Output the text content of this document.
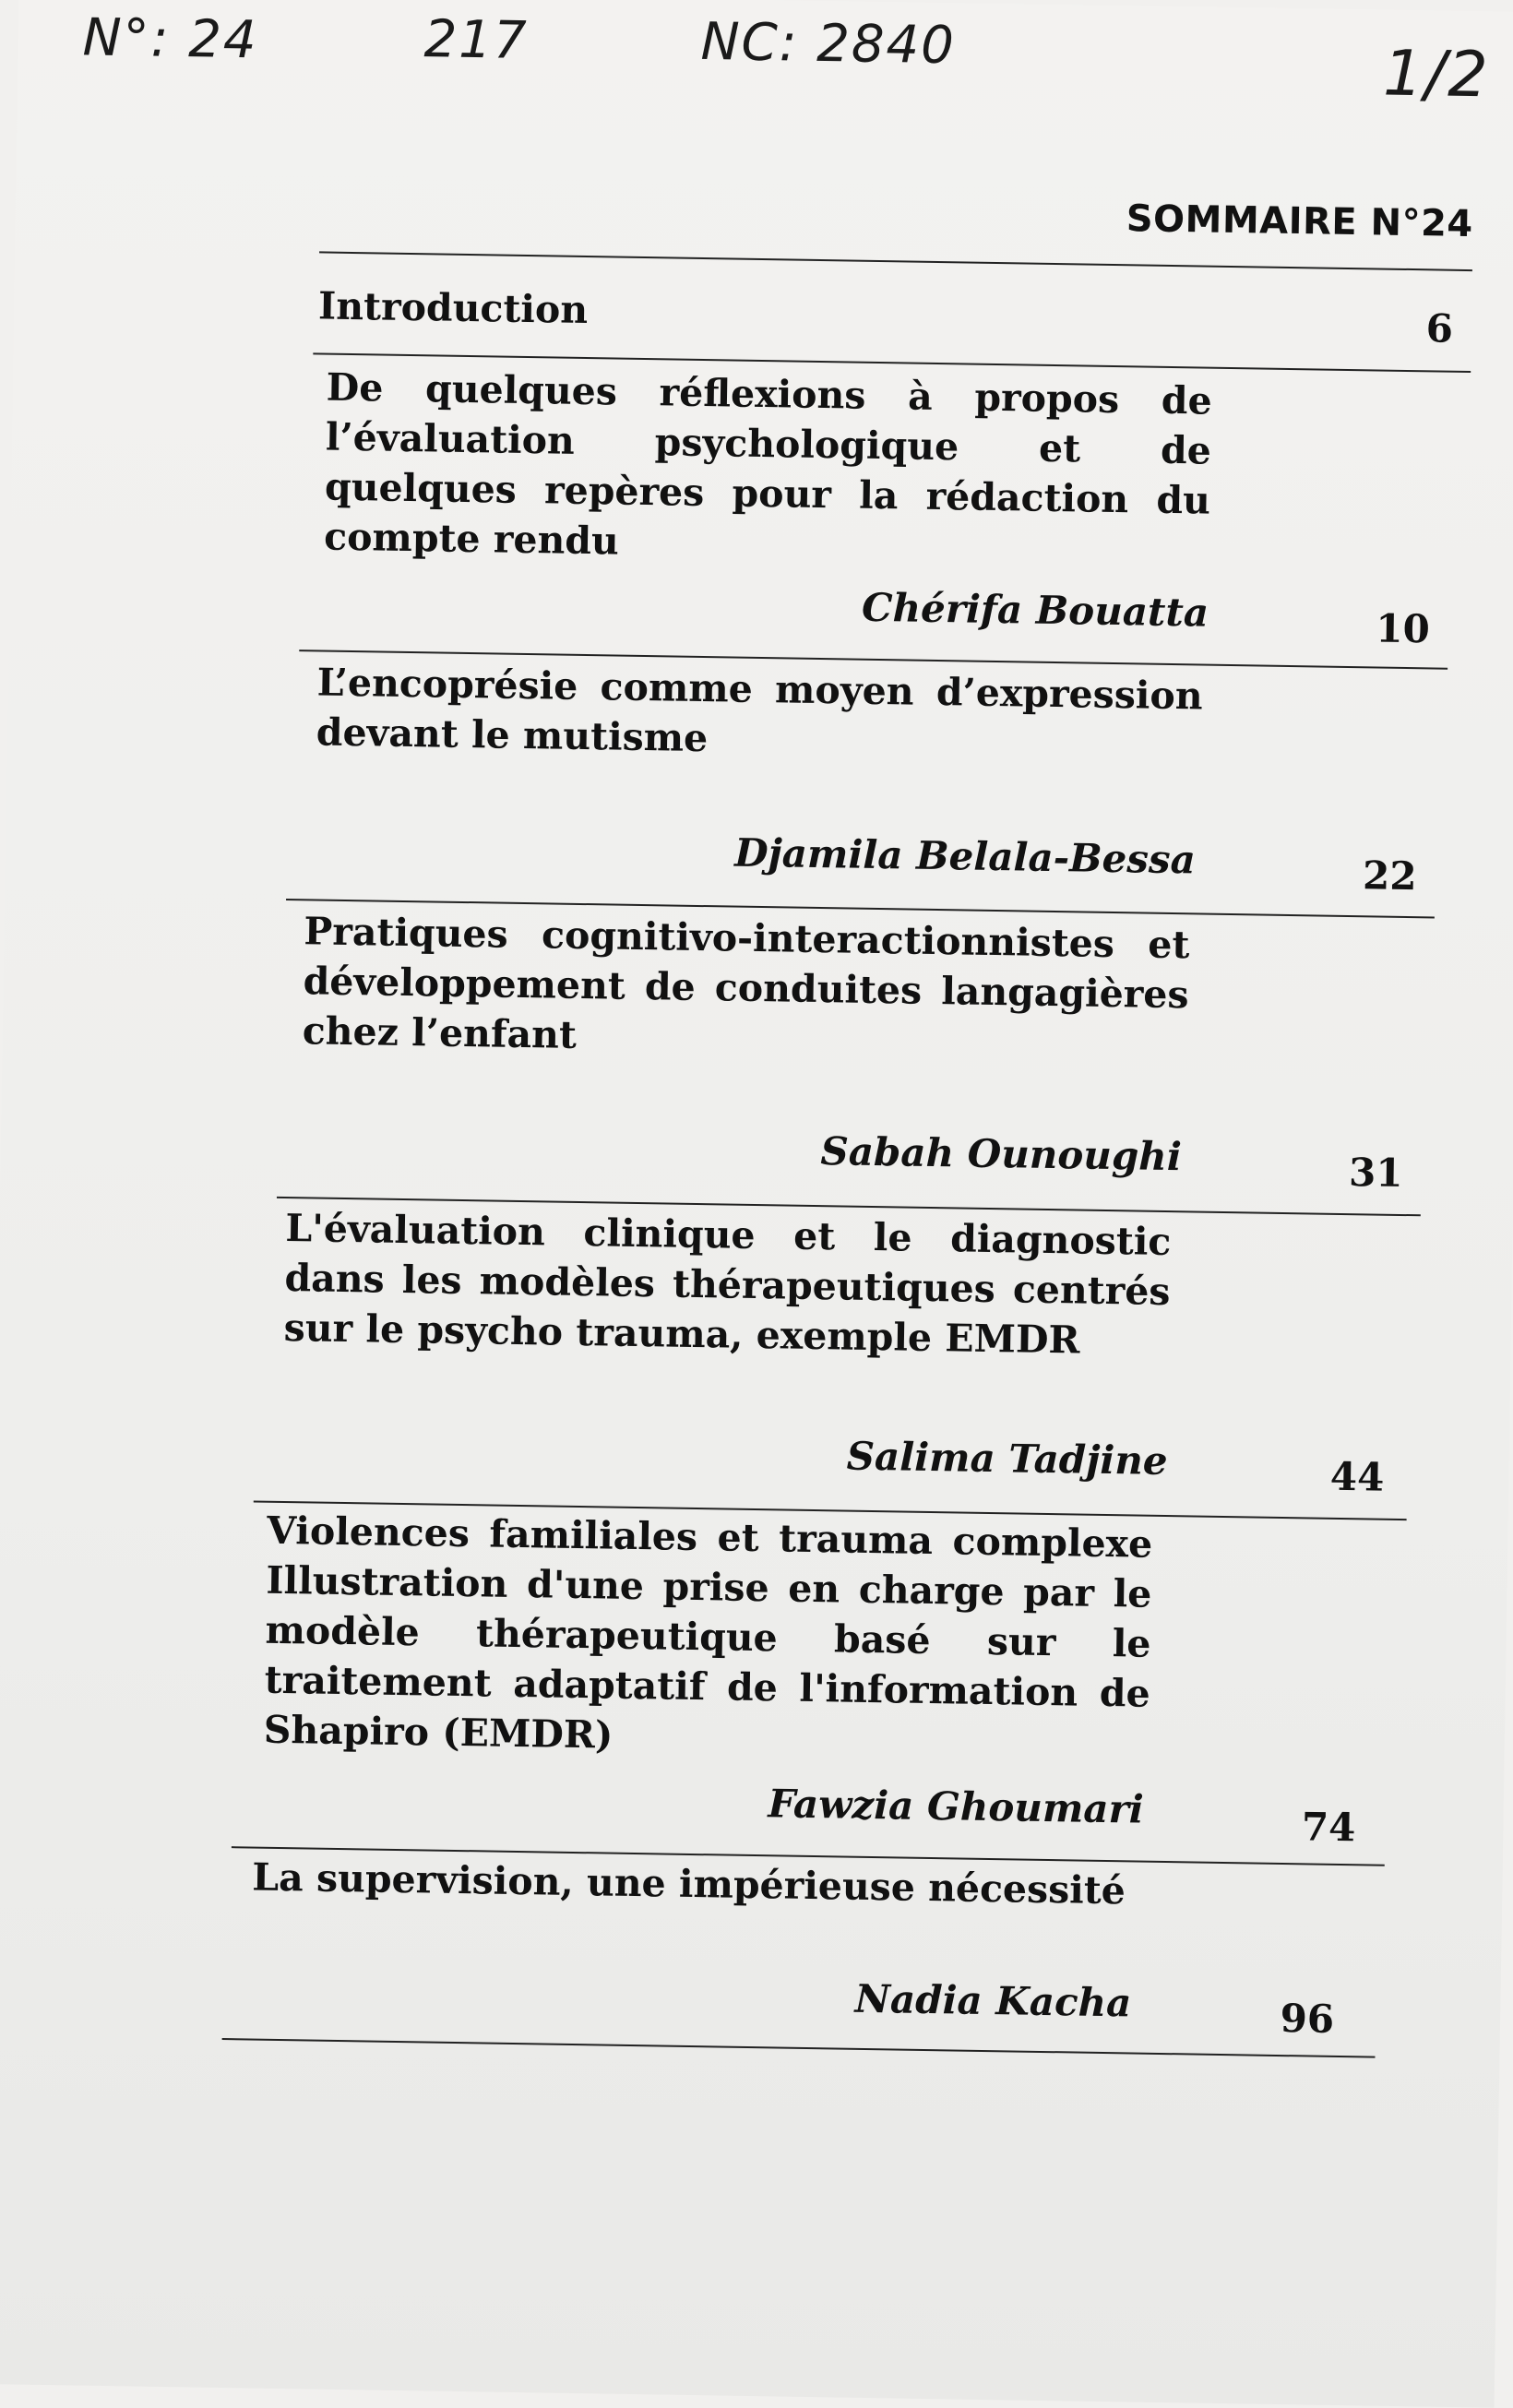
N°: 24	217	NC: 2840	1/2
SOMMAIRE N°24
Introduction	6
De quelques réflexions à propos de l’évaluation psychologique et de quelques repères pour la rédaction du compte rendu
Chérifa Bouatta	10
L’encoprésie comme moyen d’expression devant le mutisme
Djamila Belala-Bessa	22
Pratiques cognitivo-interactionnistes et développement de conduites langagières chez l’enfant
Sabah Ounoughi	31
L'évaluation clinique et le diagnostic dans les modèles thérapeutiques centrés sur le psycho trauma, exemple EMDR
Salima Tadjine	44
Violences familiales et trauma complexe Illustration d'une prise en charge par le modèle thérapeutique basé sur le traitement adaptatif de l'information de Shapiro (EMDR)
Fawzia Ghoumari	74
La supervision, une impérieuse nécessité
Nadia Kacha	96
